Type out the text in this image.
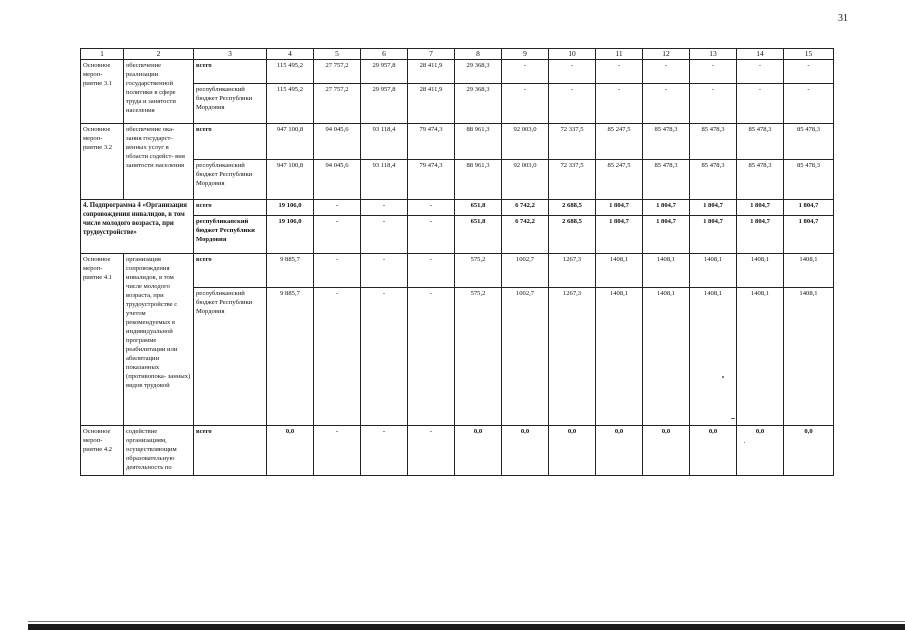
31
1	2	3	4	5	6	7	8	9	10	11	12	13	14	15
Основное мероп- риятие 3.1	обеспечение реализации государственной политики в сфере труда и занятости населения	всего	115 495,2	27 757,2	29 957,8	28 411,9	29 368,3	-	-	-	-	-	-	-
		республиканский бюджет Республики Мордовия	115 495,2	27 757,2	29 957,8	28 411,9	29 368,3	-	-	-	-	-	-	-
Основное мероп- риятие 3.2	обеспечение ока- зания государст- венных услуг в области содейст- вия занятости населения	всего	947 100,8	94 045,6	93 118,4	79 474,3	88 961,3	92 003,0	72 337,5	85 247,5	85 478,3	85 478,3	85 478,3	85 478,3
		республиканский бюджет Республики Мордовия	947 100,8	94 045,6	93 118,4	79 474,3	88 961,3	92 003,0	72 337,5	85 247,5	85 478,3	85 478,3	85 478,3	85 478,3
4. Подпрограмма 4 «Организация сопровождения инвалидов, в том числе молодого возраста, при трудоустройстве»		всего	19 106,0	-	-	-	651,8	6 742,2	2 688,5	1 804,7	1 804,7	1 804,7	1 804,7	1 804,7
		республиканский бюджет Республики Мордовия	19 106,0	-	-	-	651,8	6 742,2	2 688,5	1 804,7	1 804,7	1 804,7	1 804,7	1 804,7
Основное мероп- риятие 4.1	организация сопровождения инвалидов, в том числе молодого возраста, при трудоустройстве с учетом рекомендуемых в индивидуальной программе реабилитации или абилитации показанных (противопока- занных) видов трудовой	всего	9 885,7	-	-	-	575,2	1002,7	1267,3	1408,1	1408,1	1408,1	1408,1	1408,1
		республиканский бюджет Республики Мордовия	9 885,7	-	-	-	575,2	1002,7	1267,3	1408,1	1408,1	1408,1	1408,1	1408,1
Основное мероп- риятие 4.2	содействие организациям, осуществляющим образовательную деятельность по	всего	0,0	-	-	-	0,0	0,0	0,0	0,0	0,0	0,0	0,0	0,0
